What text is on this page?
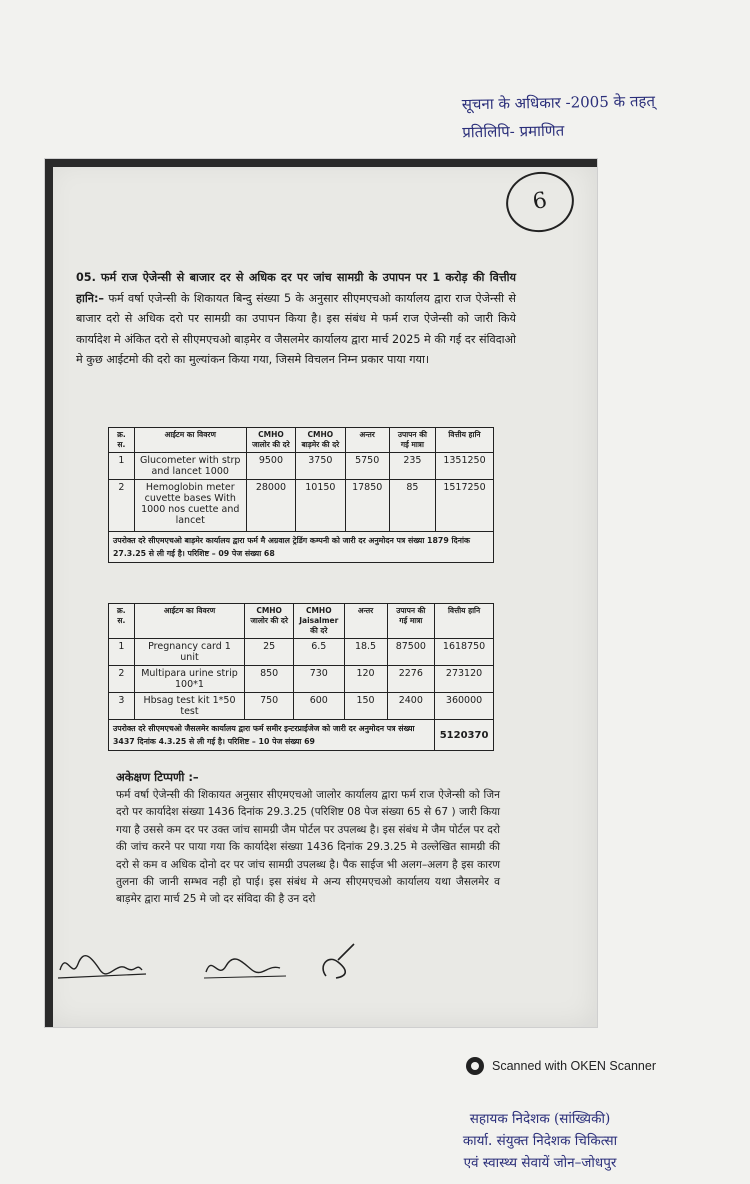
सूचना के अधिकार -2005 के तहत्
प्रतिलिपि- प्रमाणित
6
05. फर्म राज ऐजेन्सी से बाजार दर से अधिक दर पर जांच सामग्री के उपापन पर 1 करोड़ की वित्तीय हानि:– फर्म वर्षा एजेन्सी के शिकायत बिन्दु संख्या 5 के अनुसार सीएमएचओ कार्यालय द्वारा राज ऐजेन्सी से बाजार दरो से अधिक दरो पर सामग्री का उपापन किया है। इस संबंध मे फर्म राज ऐजेन्सी को जारी किये कार्यादेश मे अंकित दरो से सीएमएचओ बाड़मेर व जैसलमेर कार्यालय द्वारा मार्च 2025 मे की गई दर संविदाओ मे कुछ आईटमो की दरो का मुल्यांकन किया गया, जिसमे विचलन निम्न प्रकार पाया गया।
क्र. स.	आईटम का विवरण	CMHO जालोर की दरे	CMHO बाड़मेर की दरे	अन्तर	उपापन की गई मात्रा	वित्तीय हानि
1	Glucometer with strp and lancet 1000	9500	3750	5750	235	1351250
2	Hemoglobin meter cuvette bases With 1000 nos cuette and lancet	28000	10150	17850	85	1517250
उपरोक्त दरे सीएमएचओ बाड़मेर कार्यालय द्वारा फर्म मै अग्रवाल ट्रेडिंग कम्पनी को जारी दर अनुमोदन पत्र संख्या 1879 दिनांक 27.3.25 से ली गई है। परिशिष्ट – 09 पेज संख्या 68						
क्र. स.	आईटम का विवरण	CMHO जालोर की दरे	CMHO Jaisalmer की दरे	अन्तर	उपापन की गई मात्रा	वित्तीय हानि
1	Pregnancy card 1 unit	25	6.5	18.5	87500	1618750
2	Multipara urine strip 100*1	850	730	120	2276	273120
3	Hbsag test kit 1*50 test	750	600	150	2400	360000
उपरोक्त दरे सीएमएचओ जैसलमेर कार्यालय द्वारा फर्म समीर इन्टरप्राईजेज को जारी दर अनुमोदन पत्र संख्या 3437 दिनांक 4.3.25 से ली गई है। परिशिष्ट – 10 पेज संख्या 69						5120370
अकेक्षण टिप्पणी :–
फर्म वर्षा ऐजेन्सी की शिकायत अनुसार सीएमएचओ जालोर कार्यालय द्वारा फर्म राज ऐजेन्सी को जिन दरो पर कार्यादेश संख्या 1436 दिनांक 29.3.25 (परिशिष्ट 08 पेज संख्या 65 से 67 ) जारी किया गया है उससे कम दर पर उक्त जांच सामग्री जैम पोर्टल पर उपलब्ध है। इस संबंध मे जैम पोर्टल पर दरो की जांच करने पर पाया गया कि कार्यादेश संख्या 1436 दिनांक 29.3.25 मे उल्लेखित सामग्री की दरो से कम व अधिक दोनो दर पर जांच सामग्री उपलब्ध है। पैक साईज भी अलग–अलग है इस कारण तुलना की जानी सम्भव नही हो पाई। इस संबंध मे अन्य सीएमएचओ कार्यालय यथा जैसलमेर व बाड़मेर द्वारा मार्च 25 मे जो दर संविदा की है उन दरो
Scanned with OKEN Scanner
सहायक निदेशक (सांख्यिकी)
कार्या. संयुक्त निदेशक चिकित्सा
एवं स्वास्थ्य सेवायें जोन–जोधपुर
